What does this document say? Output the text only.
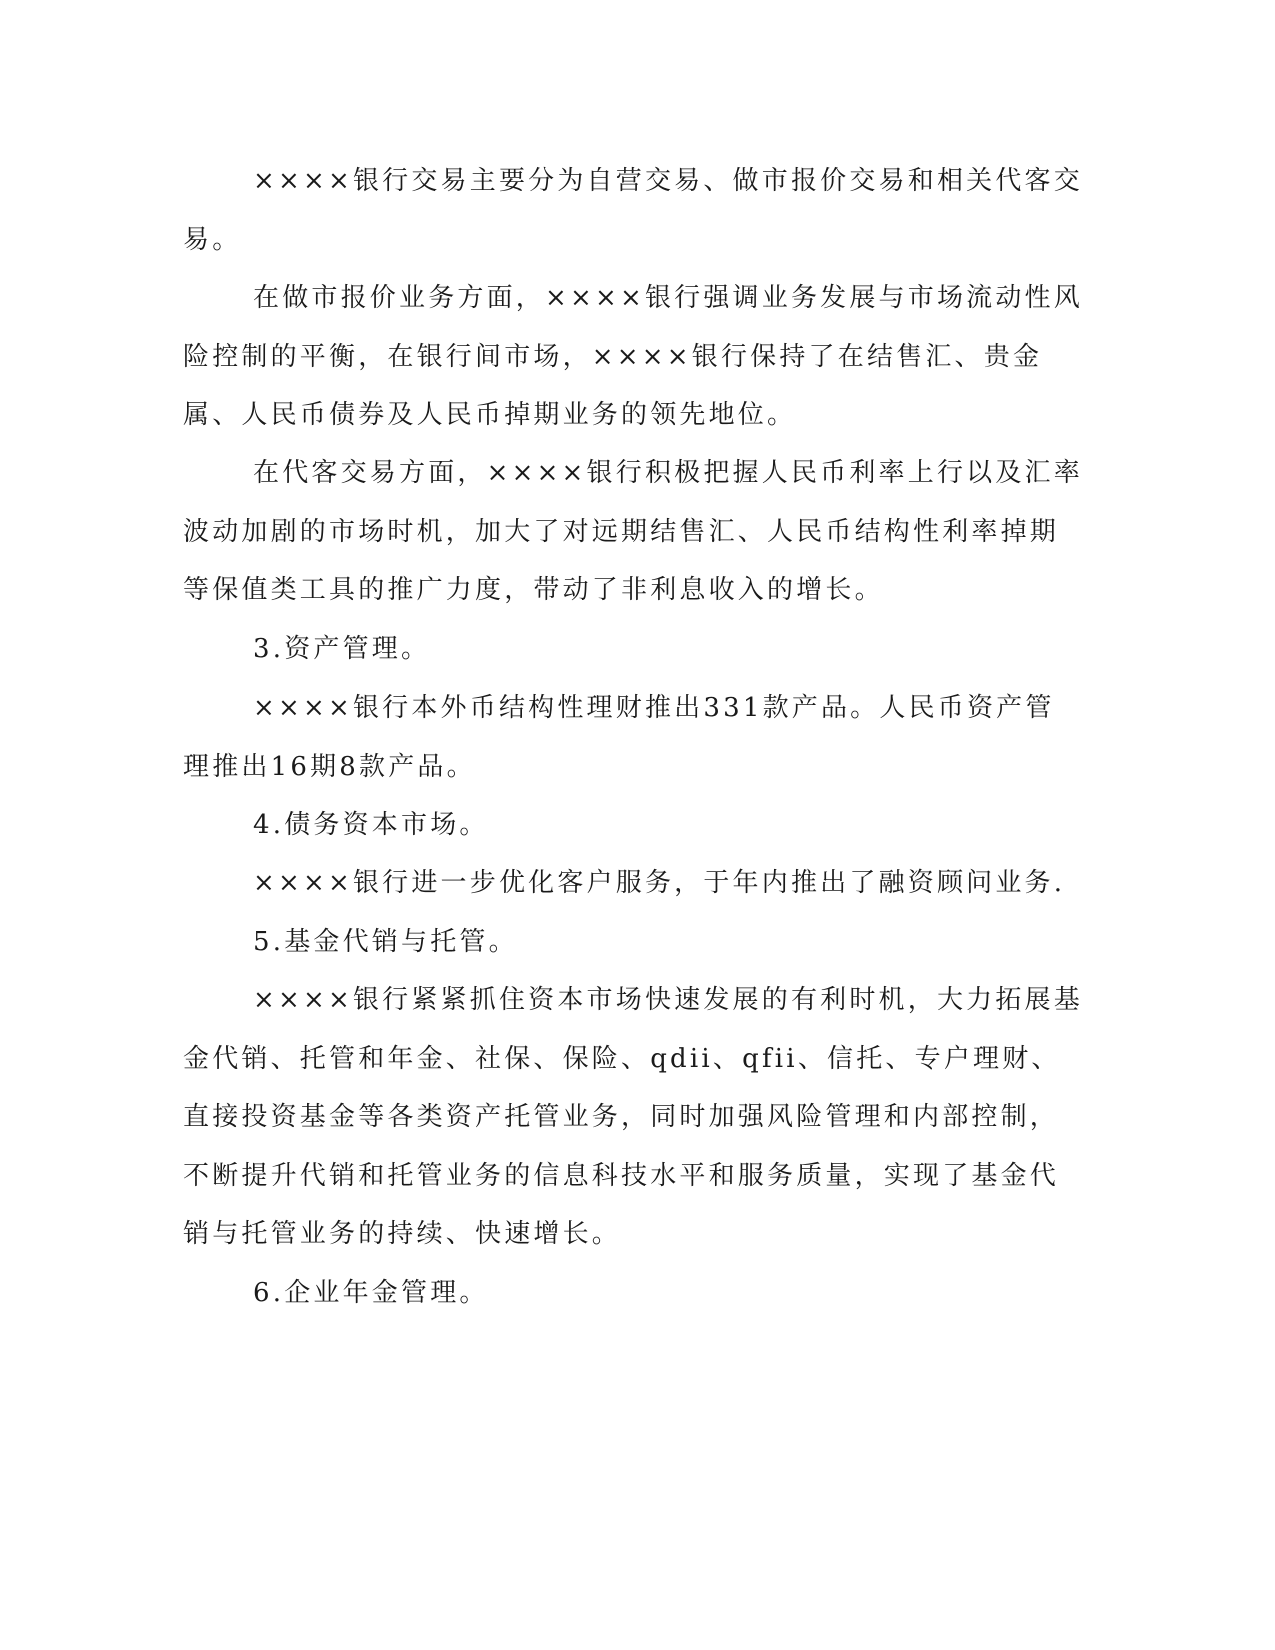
××××银行交易主要分为自营交易、做市报价交易和相关代客交易。

在做市报价业务方面，××××银行强调业务发展与市场流动性风险控制的平衡，在银行间市场，××××银行保持了在结售汇、贵金属、人民币债券及人民币掉期业务的领先地位。

在代客交易方面，××××银行积极把握人民币利率上行以及汇率波动加剧的市场时机，加大了对远期结售汇、人民币结构性利率掉期等保值类工具的推广力度，带动了非利息收入的增长。

3.资产管理。

××××银行本外币结构性理财推出331款产品。人民币资产管理推出16期8款产品。

4.债务资本市场。

××××银行进一步优化客户服务，于年内推出了融资顾问业务.

5.基金代销与托管。

××××银行紧紧抓住资本市场快速发展的有利时机，大力拓展基金代销、托管和年金、社保、保险、qdii、qfii、信托、专户理财、直接投资基金等各类资产托管业务，同时加强风险管理和内部控制，不断提升代销和托管业务的信息科技水平和服务质量，实现了基金代销与托管业务的持续、快速增长。

6.企业年金管理。
